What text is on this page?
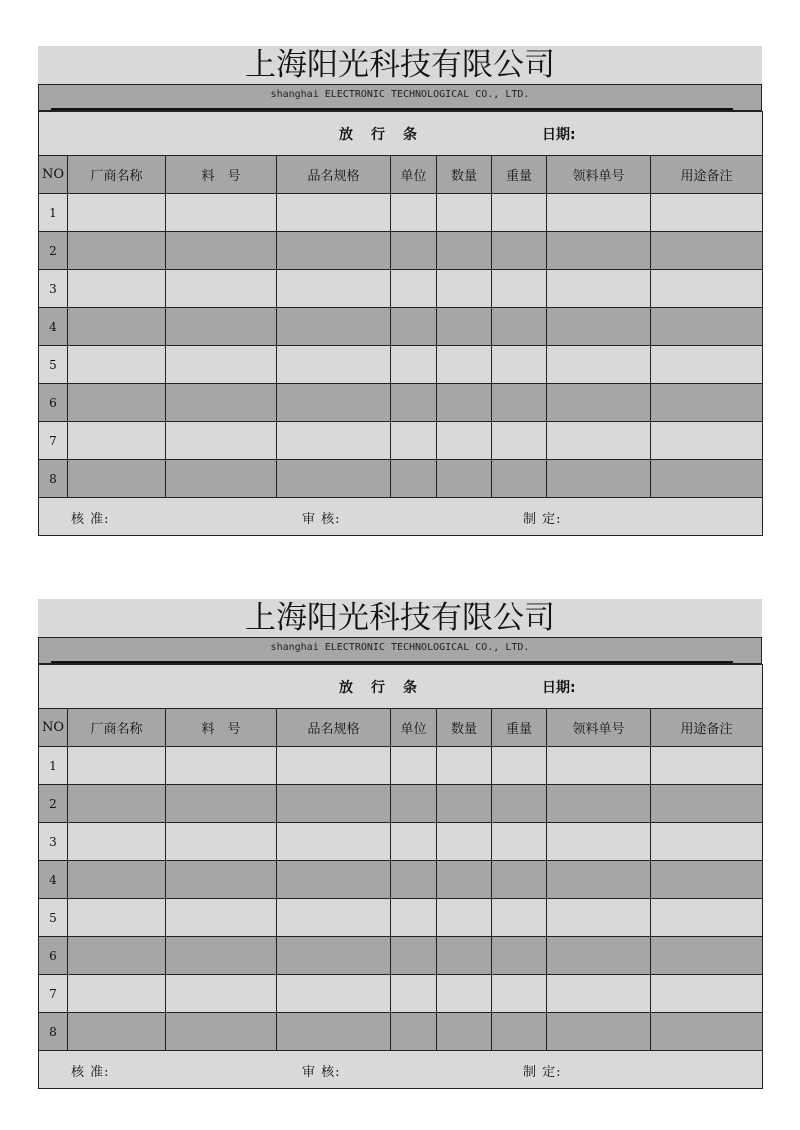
上海阳光科技有限公司
shanghai ELECTRONIC TECHNOLOGICAL CO., LTD.
放行条 日期:								

NO	厂商名称	料　号	品名规格	单位	数量	重量	领料单号	用途备注
1								
2								
3								
4								
5								
6								
7								
8								

核 准: 审 核: 制 定:								
上海阳光科技有限公司
shanghai ELECTRONIC TECHNOLOGICAL CO., LTD.
放行条 日期:								

NO	厂商名称	料　号	品名规格	单位	数量	重量	领料单号	用途备注
1								
2								
3								
4								
5								
6								
7								
8								

核 准: 审 核: 制 定:								
